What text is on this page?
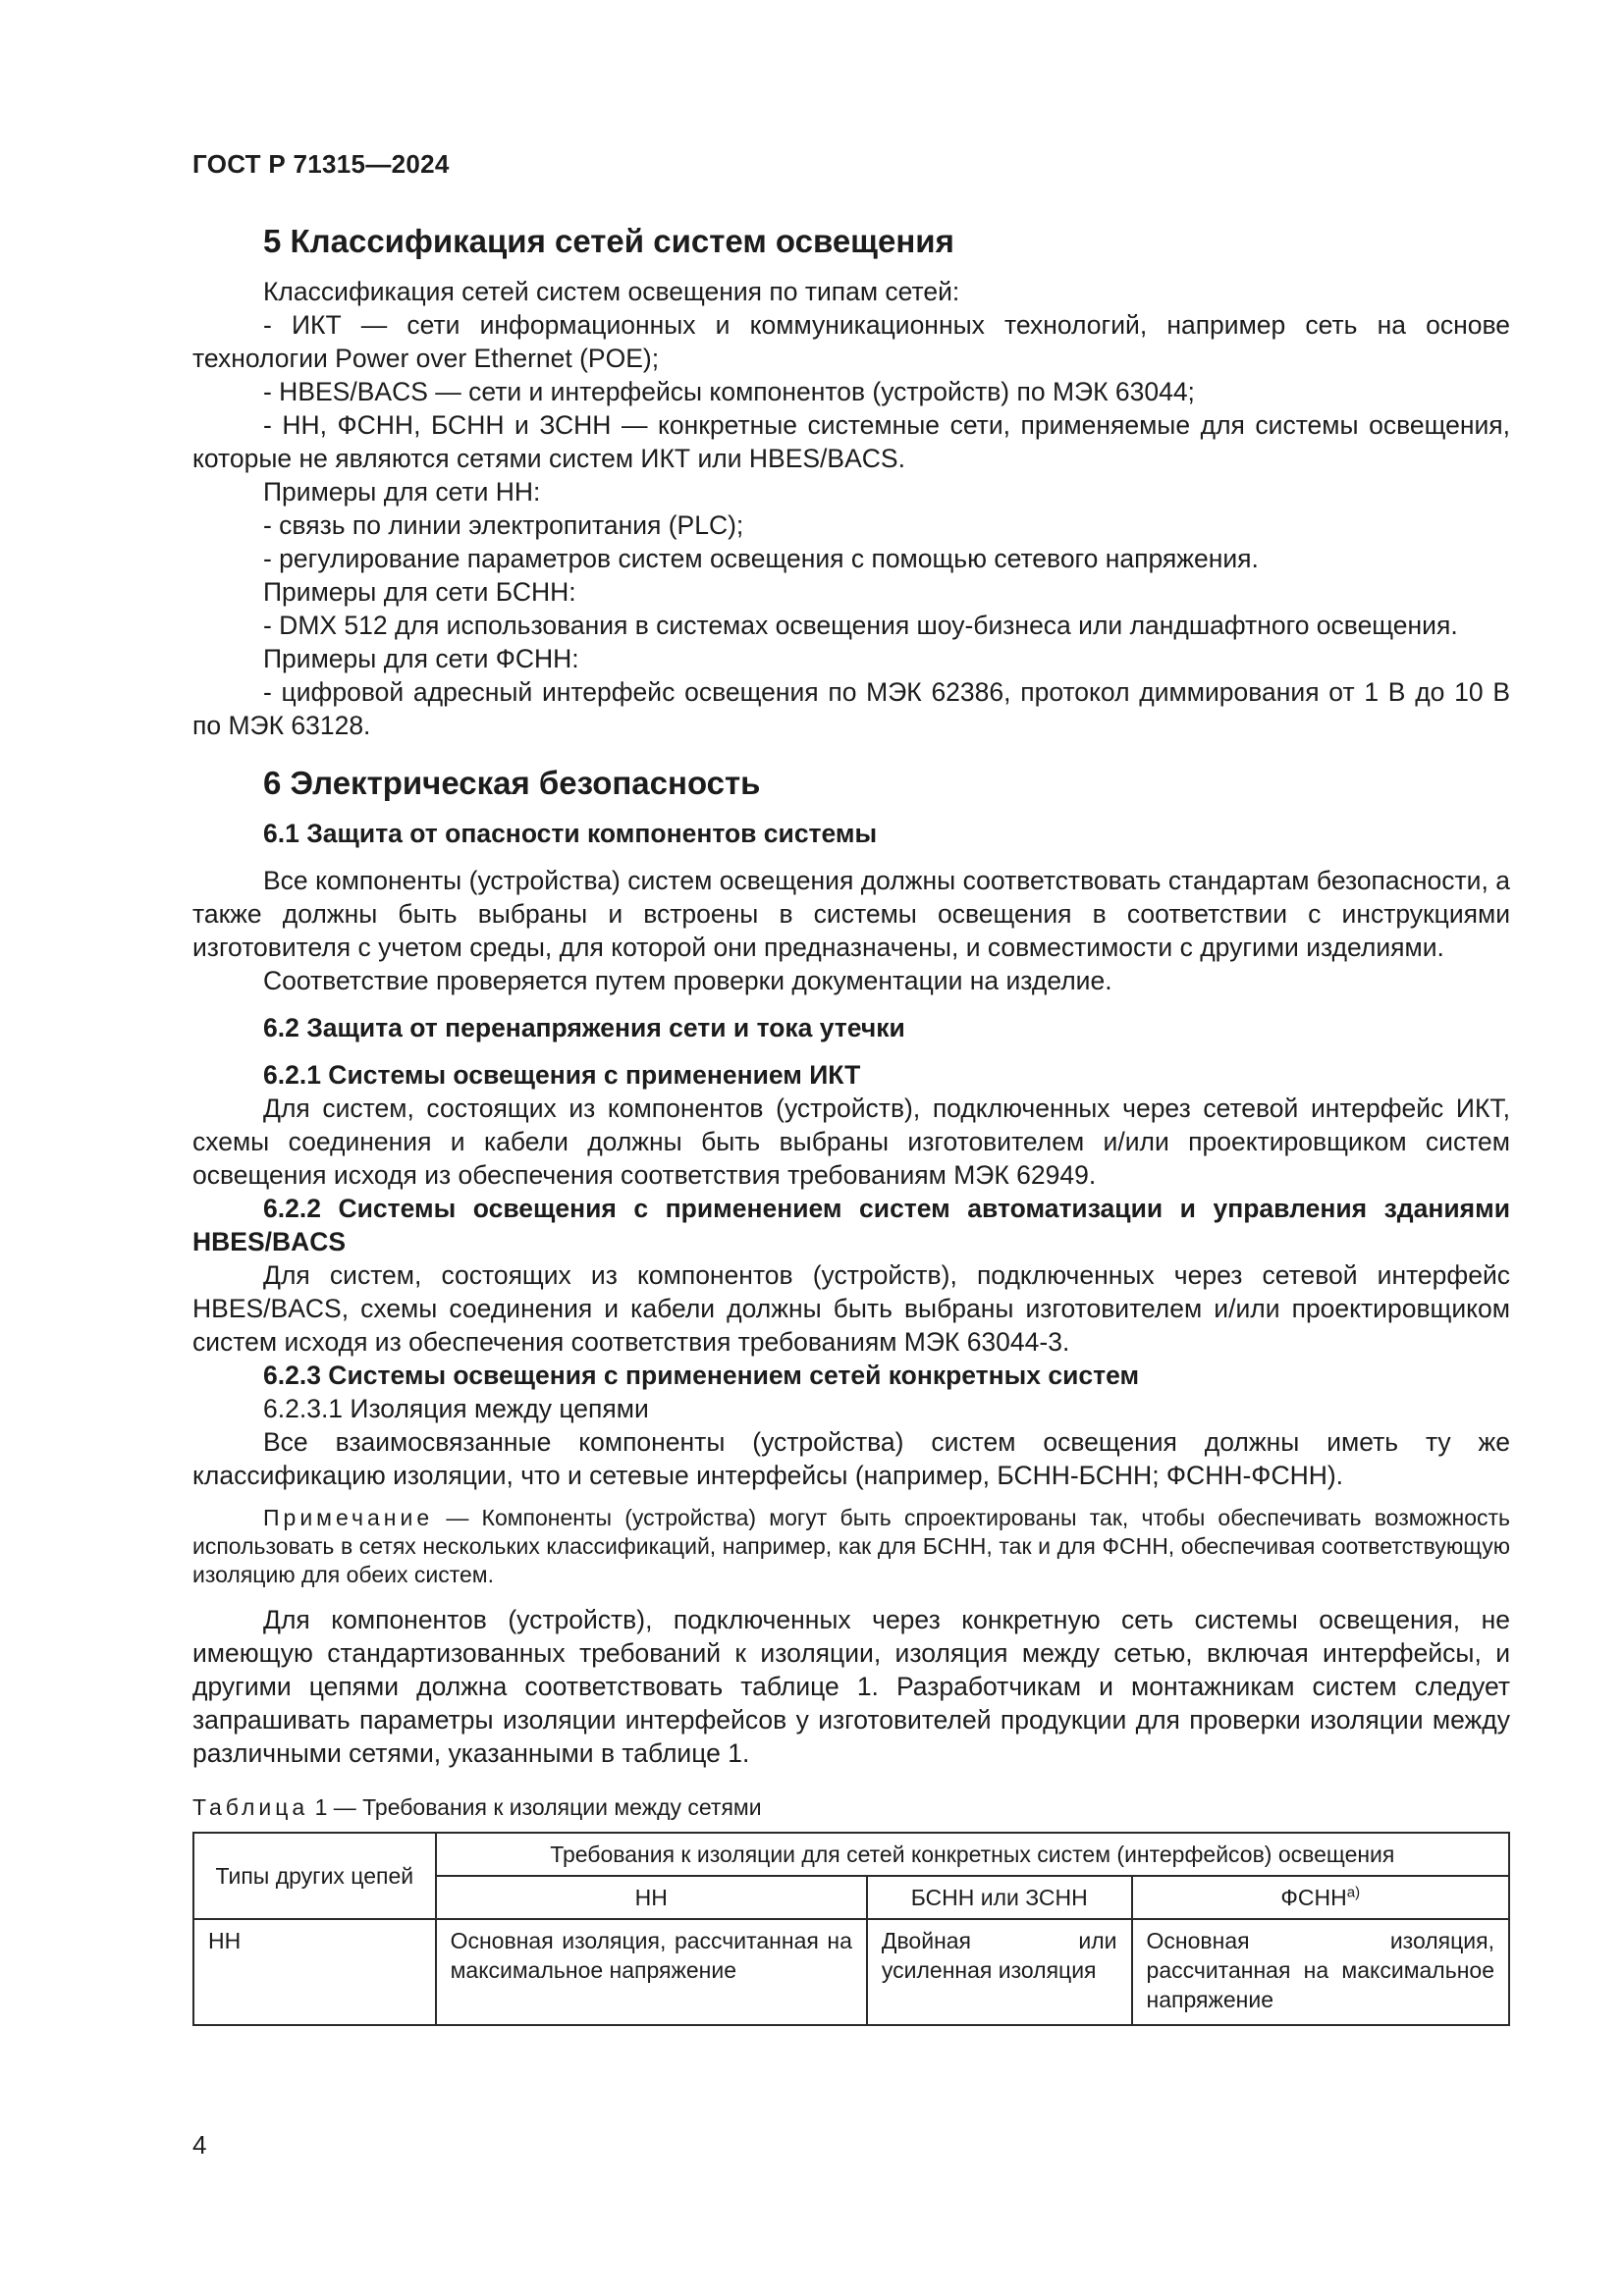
ГОСТ Р 71315—2024
5 Классификация сетей систем освещения

Классификация сетей систем освещения по типам сетей:

- ИКТ — сети информационных и коммуникационных технологий, например сеть на основе технологии Power over Ethernet (POE);

- HBES/BACS — сети и интерфейсы компонентов (устройств) по МЭК 63044;

- НН, ФСНН, БСНН и ЗСНН — конкретные системные сети, применяемые для системы освещения, которые не являются сетями систем ИКТ или HBES/BACS.

Примеры для сети НН:

- связь по линии электропитания (PLC);

- регулирование параметров систем освещения с помощью сетевого напряжения.

Примеры для сети БСНН:

- DMX 512 для использования в системах освещения шоу-бизнеса или ландшафтного освещения.

Примеры для сети ФСНН:

- цифровой адресный интерфейс освещения по МЭК 62386, протокол диммирования от 1 В до 10 В по МЭК 63128.

6 Электрическая безопасность
6.1 Защита от опасности компонентов системы

Все компоненты (устройства) систем освещения должны соответствовать стандартам безопасности, а также должны быть выбраны и встроены в системы освещения в соответствии с инструкциями изготовителя с учетом среды, для которой они предназначены, и совместимости с другими изделиями.

Соответствие проверяется путем проверки документации на изделие.

6.2 Защита от перенапряжения сети и тока утечки
6.2.1 Системы освещения с применением ИКТ

Для систем, состоящих из компонентов (устройств), подключенных через сетевой интерфейс ИКТ, схемы соединения и кабели должны быть выбраны изготовителем и/или проектировщиком систем освещения исходя из обеспечения соответствия требованиям МЭК 62949.

6.2.2 Системы освещения с применением систем автоматизации и управления зданиями HBES/BACS

Для систем, состоящих из компонентов (устройств), подключенных через сетевой интерфейс HBES/BACS, схемы соединения и кабели должны быть выбраны изготовителем и/или проектировщиком систем исходя из обеспечения соответствия требованиям МЭК 63044-3.

6.2.3 Системы освещения с применением сетей конкретных систем

6.2.3.1 Изоляция между цепями

Все взаимосвязанные компоненты (устройства) систем освещения должны иметь ту же классификацию изоляции, что и сетевые интерфейсы (например, БСНН-БСНН; ФСНН-ФСНН).

Примечание — Компоненты (устройства) могут быть спроектированы так, чтобы обеспечивать возможность использовать в сетях нескольких классификаций, например, как для БСНН, так и для ФСНН, обеспечивая соответствующую изоляцию для обеих систем.

Для компонентов (устройств), подключенных через конкретную сеть системы освещения, не имеющую стандартизованных требований к изоляции, изоляция между сетью, включая интерфейсы, и другими цепями должна соответствовать таблице 1. Разработчикам и монтажникам систем следует запрашивать параметры изоляции интерфейсов у изготовителей продукции для проверки изоляции между различными сетями, указанными в таблице 1.

Таблица 1 — Требования к изоляции между сетями

Типы других цепей	Требования к изоляции для сетей конкретных систем (интерфейсов) освещения		
	НН	БСНН или ЗСНН	$ФСНН^{а)}$
НН	Основная изоляция, рассчитанная на максимальное напряжение	Двойная или усиленная изоляция	Основная изоляция, рассчитанная на максимальное напряжение
4
